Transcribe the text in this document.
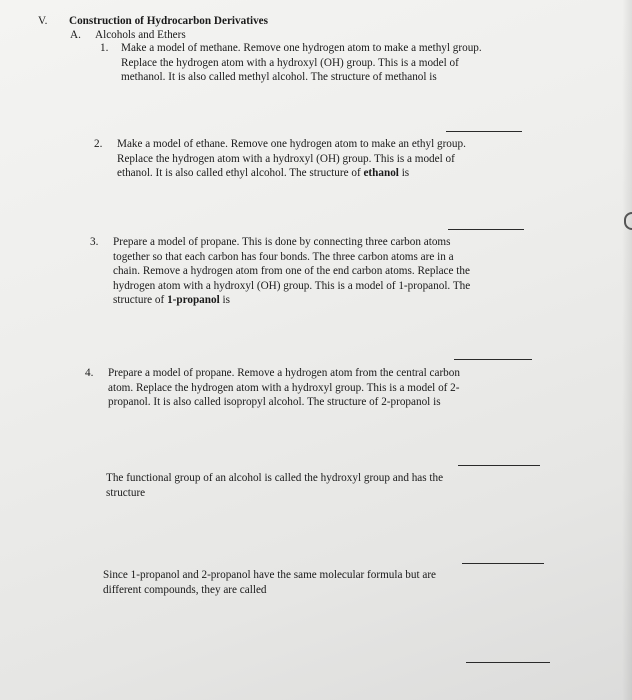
V. Construction of Hydrocarbon Derivatives
A. Alcohols and Ethers
1. Make a model of methane. Remove one hydrogen atom to make a methyl group.
Replace the hydrogen atom with a hydroxyl (OH) group. This is a model of
methanol. It is also called methyl alcohol. The structure of methanol is
2. Make a model of ethane. Remove one hydrogen atom to make an ethyl group.
Replace the hydrogen atom with a hydroxyl (OH) group. This is a model of
ethanol. It is also called ethyl alcohol. The structure of ethanol is
3. Prepare a model of propane. This is done by connecting three carbon atoms
together so that each carbon has four bonds. The three carbon atoms are in a
chain. Remove a hydrogen atom from one of the end carbon atoms. Replace the
hydrogen atom with a hydroxyl (OH) group. This is a model of 1-propanol. The
structure of 1-propanol is
4. Prepare a model of propane. Remove a hydrogen atom from the central carbon
atom. Replace the hydrogen atom with a hydroxyl group. This is a model of 2-
propanol. It is also called isopropyl alcohol. The structure of 2-propanol is
The functional group of an alcohol is called the hydroxyl group and has the
structure
Since 1-propanol and 2-propanol have the same molecular formula but are
different compounds, they are called
